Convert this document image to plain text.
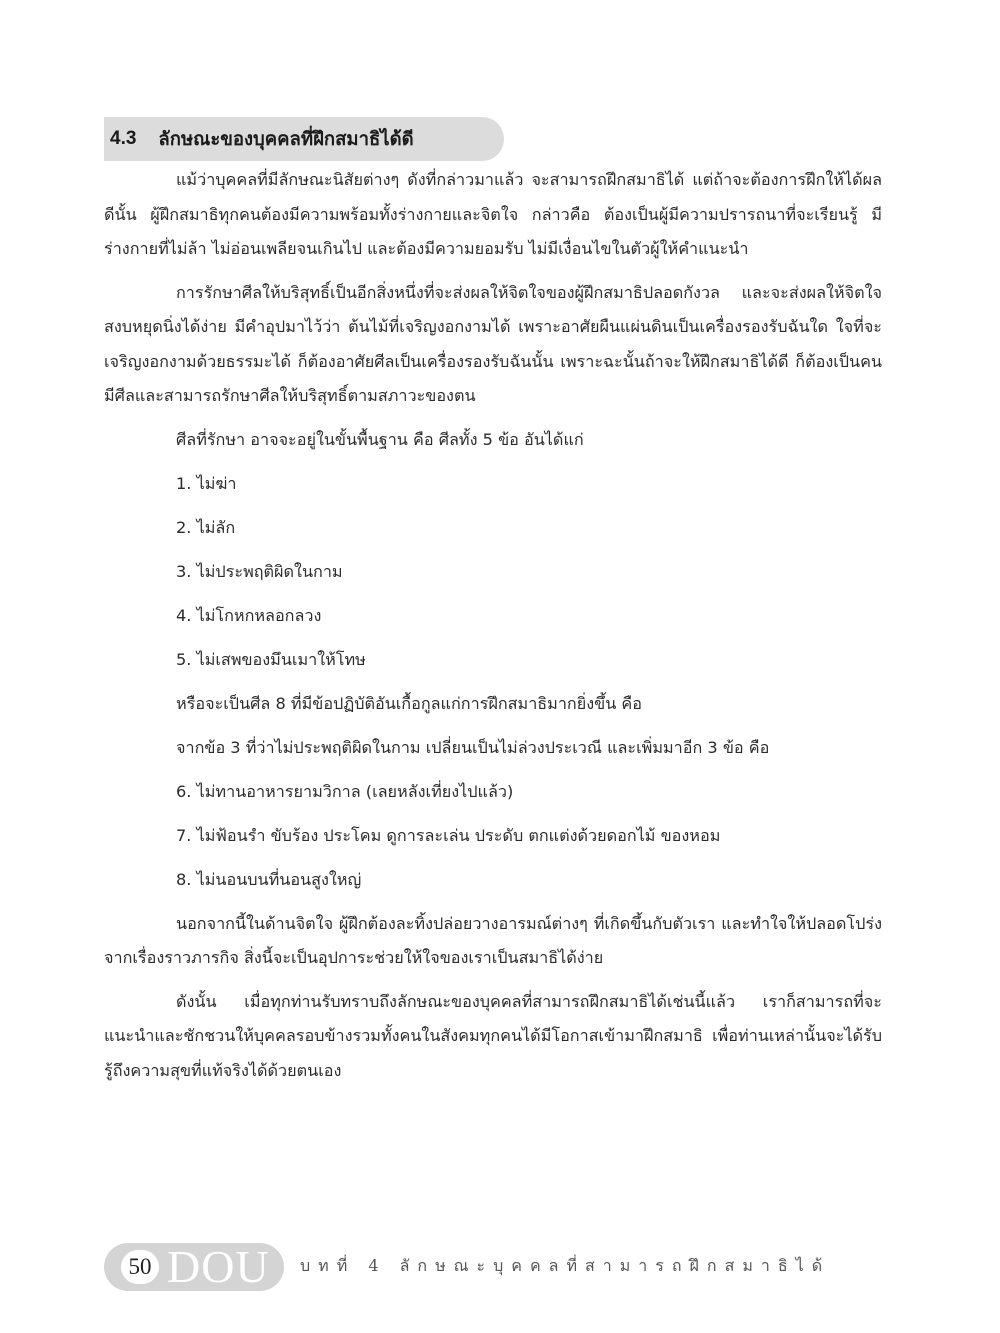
4.3 ลักษณะของบุคคลที่ฝึกสมาธิได้ดี

แม้ว่าบุคคลที่มีลักษณะนิสัยต่างๆ ดังที่กล่าวมาแล้ว จะสามารถฝึกสมาธิได้ แต่ถ้าจะต้องการฝึกให้ได้ผลดีนั้น ผู้ฝึกสมาธิทุกคนต้องมีความพร้อมทั้งร่างกายและจิตใจ กล่าวคือ ต้องเป็นผู้มีความปรารถนาที่จะเรียนรู้ มีร่างกายที่ไม่ล้า ไม่อ่อนเพลียจนเกินไป และต้องมีความยอมรับ ไม่มีเงื่อนไขในตัวผู้ให้คำแนะนำ

การรักษาศีลให้บริสุทธิ์เป็นอีกสิ่งหนึ่งที่จะส่งผลให้จิตใจของผู้ฝึกสมาธิปลอดกังวล และจะส่งผลให้จิตใจ สงบหยุดนิ่งได้ง่าย มีคำอุปมาไว้ว่า ต้นไม้ที่เจริญงอกงามได้ เพราะอาศัยผืนแผ่นดินเป็นเครื่องรองรับฉันใด ใจที่จะเจริญงอกงามด้วยธรรมะได้ ก็ต้องอาศัยศีลเป็นเครื่องรองรับฉันนั้น เพราะฉะนั้นถ้าจะให้ฝึกสมาธิได้ดี ก็ต้องเป็นคนมีศีลและสามารถรักษาศีลให้บริสุทธิ์ตามสภาวะของตน

ศีลที่รักษา อาจจะอยู่ในขั้นพื้นฐาน คือ ศีลทั้ง 5 ข้อ อันได้แก่
1. ไม่ฆ่า
2. ไม่ลัก
3. ไม่ประพฤติผิดในกาม
4. ไม่โกหกหลอกลวง
5. ไม่เสพของมึนเมาให้โทษ
หรือจะเป็นศีล 8 ที่มีข้อปฏิบัติอันเกื้อกูลแก่การฝึกสมาธิมากยิ่งขึ้น คือ
จากข้อ 3 ที่ว่าไม่ประพฤติผิดในกาม เปลี่ยนเป็นไม่ล่วงประเวณี และเพิ่มมาอีก 3 ข้อ คือ
6. ไม่ทานอาหารยามวิกาล (เลยหลังเที่ยงไปแล้ว)
7. ไม่ฟ้อนรำ ขับร้อง ประโคม ดูการละเล่น ประดับ ตกแต่งด้วยดอกไม้ ของหอม
8. ไม่นอนบนที่นอนสูงใหญ่

นอกจากนี้ในด้านจิตใจ ผู้ฝึกต้องละทิ้งปล่อยวางอารมณ์ต่างๆ ที่เกิดขึ้นกับตัวเรา และทำใจให้ปลอดโปร่งจากเรื่องราวภารกิจ สิ่งนี้จะเป็นอุปการะช่วยให้ใจของเราเป็นสมาธิได้ง่าย

ดังนั้น เมื่อทุกท่านรับทราบถึงลักษณะของบุคคลที่สามารถฝึกสมาธิได้เช่นนี้แล้ว เราก็สามารถที่จะแนะนำและชักชวนให้บุคคลรอบข้างรวมทั้งคนในสังคมทุกคนได้มีโอกาสเข้ามาฝึกสมาธิ เพื่อท่านเหล่านั้นจะได้รับรู้ถึงความสุขที่แท้จริงได้ด้วยตนเอง

50 DOU บทที่ 4 ลักษณะบุคคลที่สามารถฝึกสมาธิได้
